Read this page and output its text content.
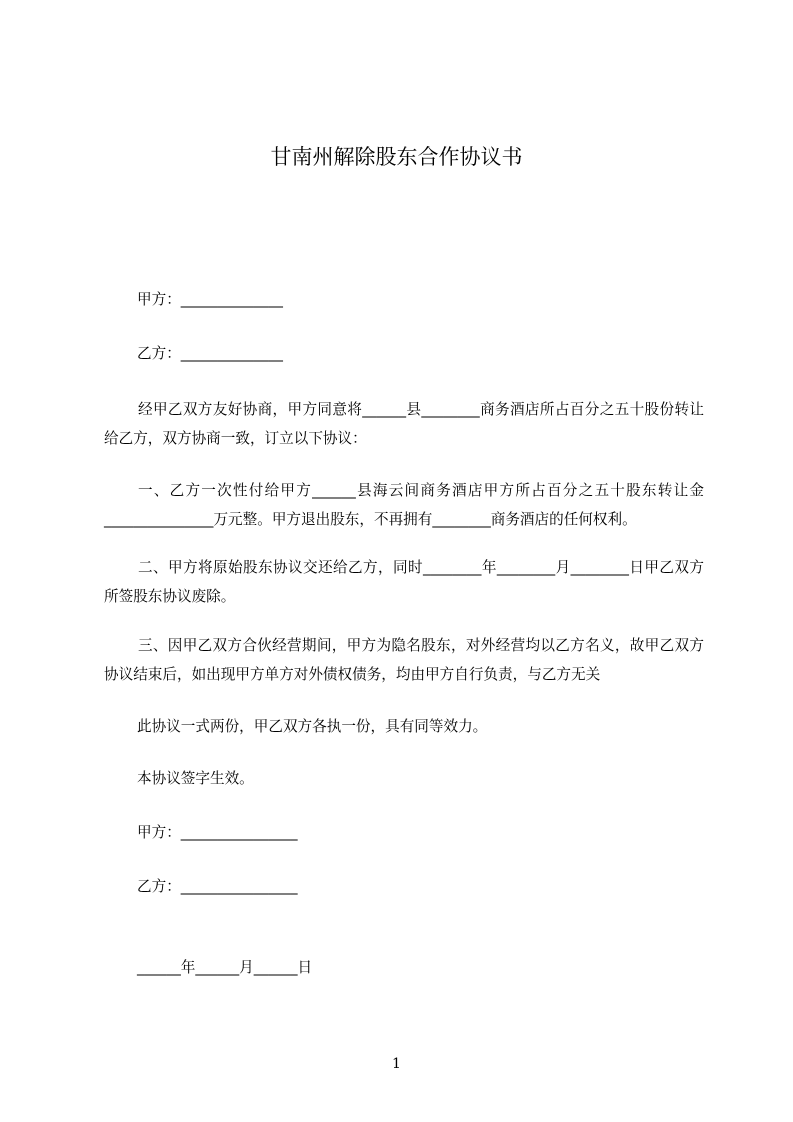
甘南州解除股东合作协议书
甲方：______________
乙方：______________
经甲乙双方友好协商，甲方同意将______县________商务酒店所占百分之五十股份转让给乙方，双方协商一致，订立以下协议：
一、乙方一次性付给甲方______县海云间商务酒店甲方所占百分之五十股东转让金_______________万元整。甲方退出股东，不再拥有________商务酒店的任何权利。
二、甲方将原始股东协议交还给乙方，同时________年________月________日甲乙双方所签股东协议废除。
三、因甲乙双方合伙经营期间，甲方为隐名股东，对外经营均以乙方名义，故甲乙双方协议结束后，如出现甲方单方对外债权债务，均由甲方自行负责，与乙方无关
此协议一式两份，甲乙双方各执一份，具有同等效力。
本协议签字生效。
甲方：________________
乙方：________________
______年______月______日
1
